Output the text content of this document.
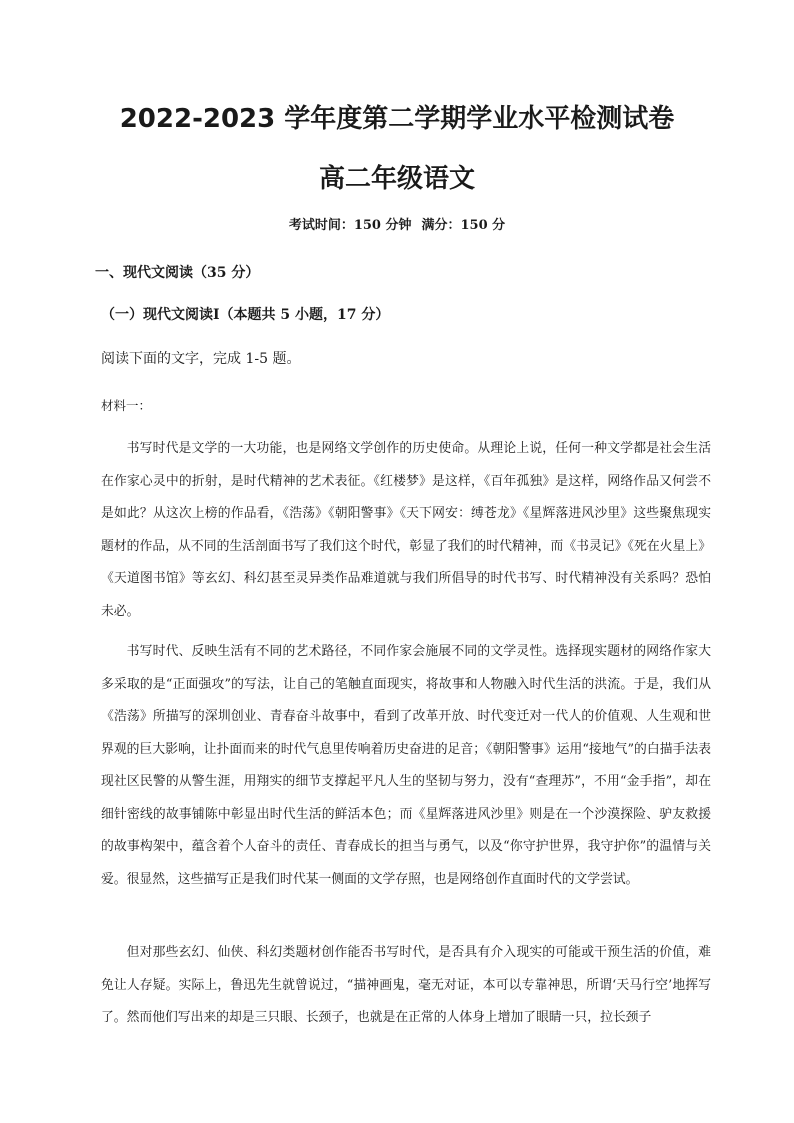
2022-2023 学年度第二学期学业水平检测试卷
高二年级语文
考试时间：150 分钟 满分：150 分
一、现代文阅读（35 分）
（一）现代文阅读Ⅰ（本题共 5 小题，17 分）
阅读下面的文字，完成 1-5 题。
材料一：

书写时代是文学的一大功能，也是网络文学创作的历史使命。从理论上说，任何一种文学都是社会生活在作家心灵中的折射，是时代精神的艺术表征。《红楼梦》是这样，《百年孤独》是这样，网络作品又何尝不是如此？从这次上榜的作品看，《浩荡》《朝阳警事》《天下网安：缚苍龙》《星辉落进风沙里》这些聚焦现实题材的作品，从不同的生活剖面书写了我们这个时代，彰显了我们的时代精神，而《书灵记》《死在火星上》《天道图书馆》等玄幻、科幻甚至灵异类作品难道就与我们所倡导的时代书写、时代精神没有关系吗？恐怕未必。

书写时代、反映生活有不同的艺术路径，不同作家会施展不同的文学灵性。选择现实题材的网络作家大多采取的是“正面强攻”的写法，让自己的笔触直面现实，将故事和人物融入时代生活的洪流。于是，我们从《浩荡》所描写的深圳创业、青春奋斗故事中，看到了改革开放、时代变迁对一代人的价值观、人生观和世界观的巨大影响，让扑面而来的时代气息里传响着历史奋进的足音；《朝阳警事》运用“接地气”的白描手法表现社区民警的从警生涯，用翔实的细节支撑起平凡人生的坚韧与努力，没有“查理苏”，不用“金手指”，却在细针密线的故事铺陈中彰显出时代生活的鲜活本色；而《星辉落进风沙里》则是在一个沙漠探险、驴友救援的故事构架中，蕴含着个人奋斗的责任、青春成长的担当与勇气，以及“你守护世界，我守护你”的温情与关爱。很显然，这些描写正是我们时代某一侧面的文学存照，也是网络创作直面时代的文学尝试。

但对那些玄幻、仙侠、科幻类题材创作能否书写时代，是否具有介入现实的可能或干预生活的价值，难免让人存疑。实际上，鲁迅先生就曾说过，“描神画鬼，毫无对证，本可以专靠神思，所谓‘天马行空’地挥写了。然而他们写出来的却是三只眼、长颈子，也就是在正常的人体身上增加了眼睛一只，拉长颈子
